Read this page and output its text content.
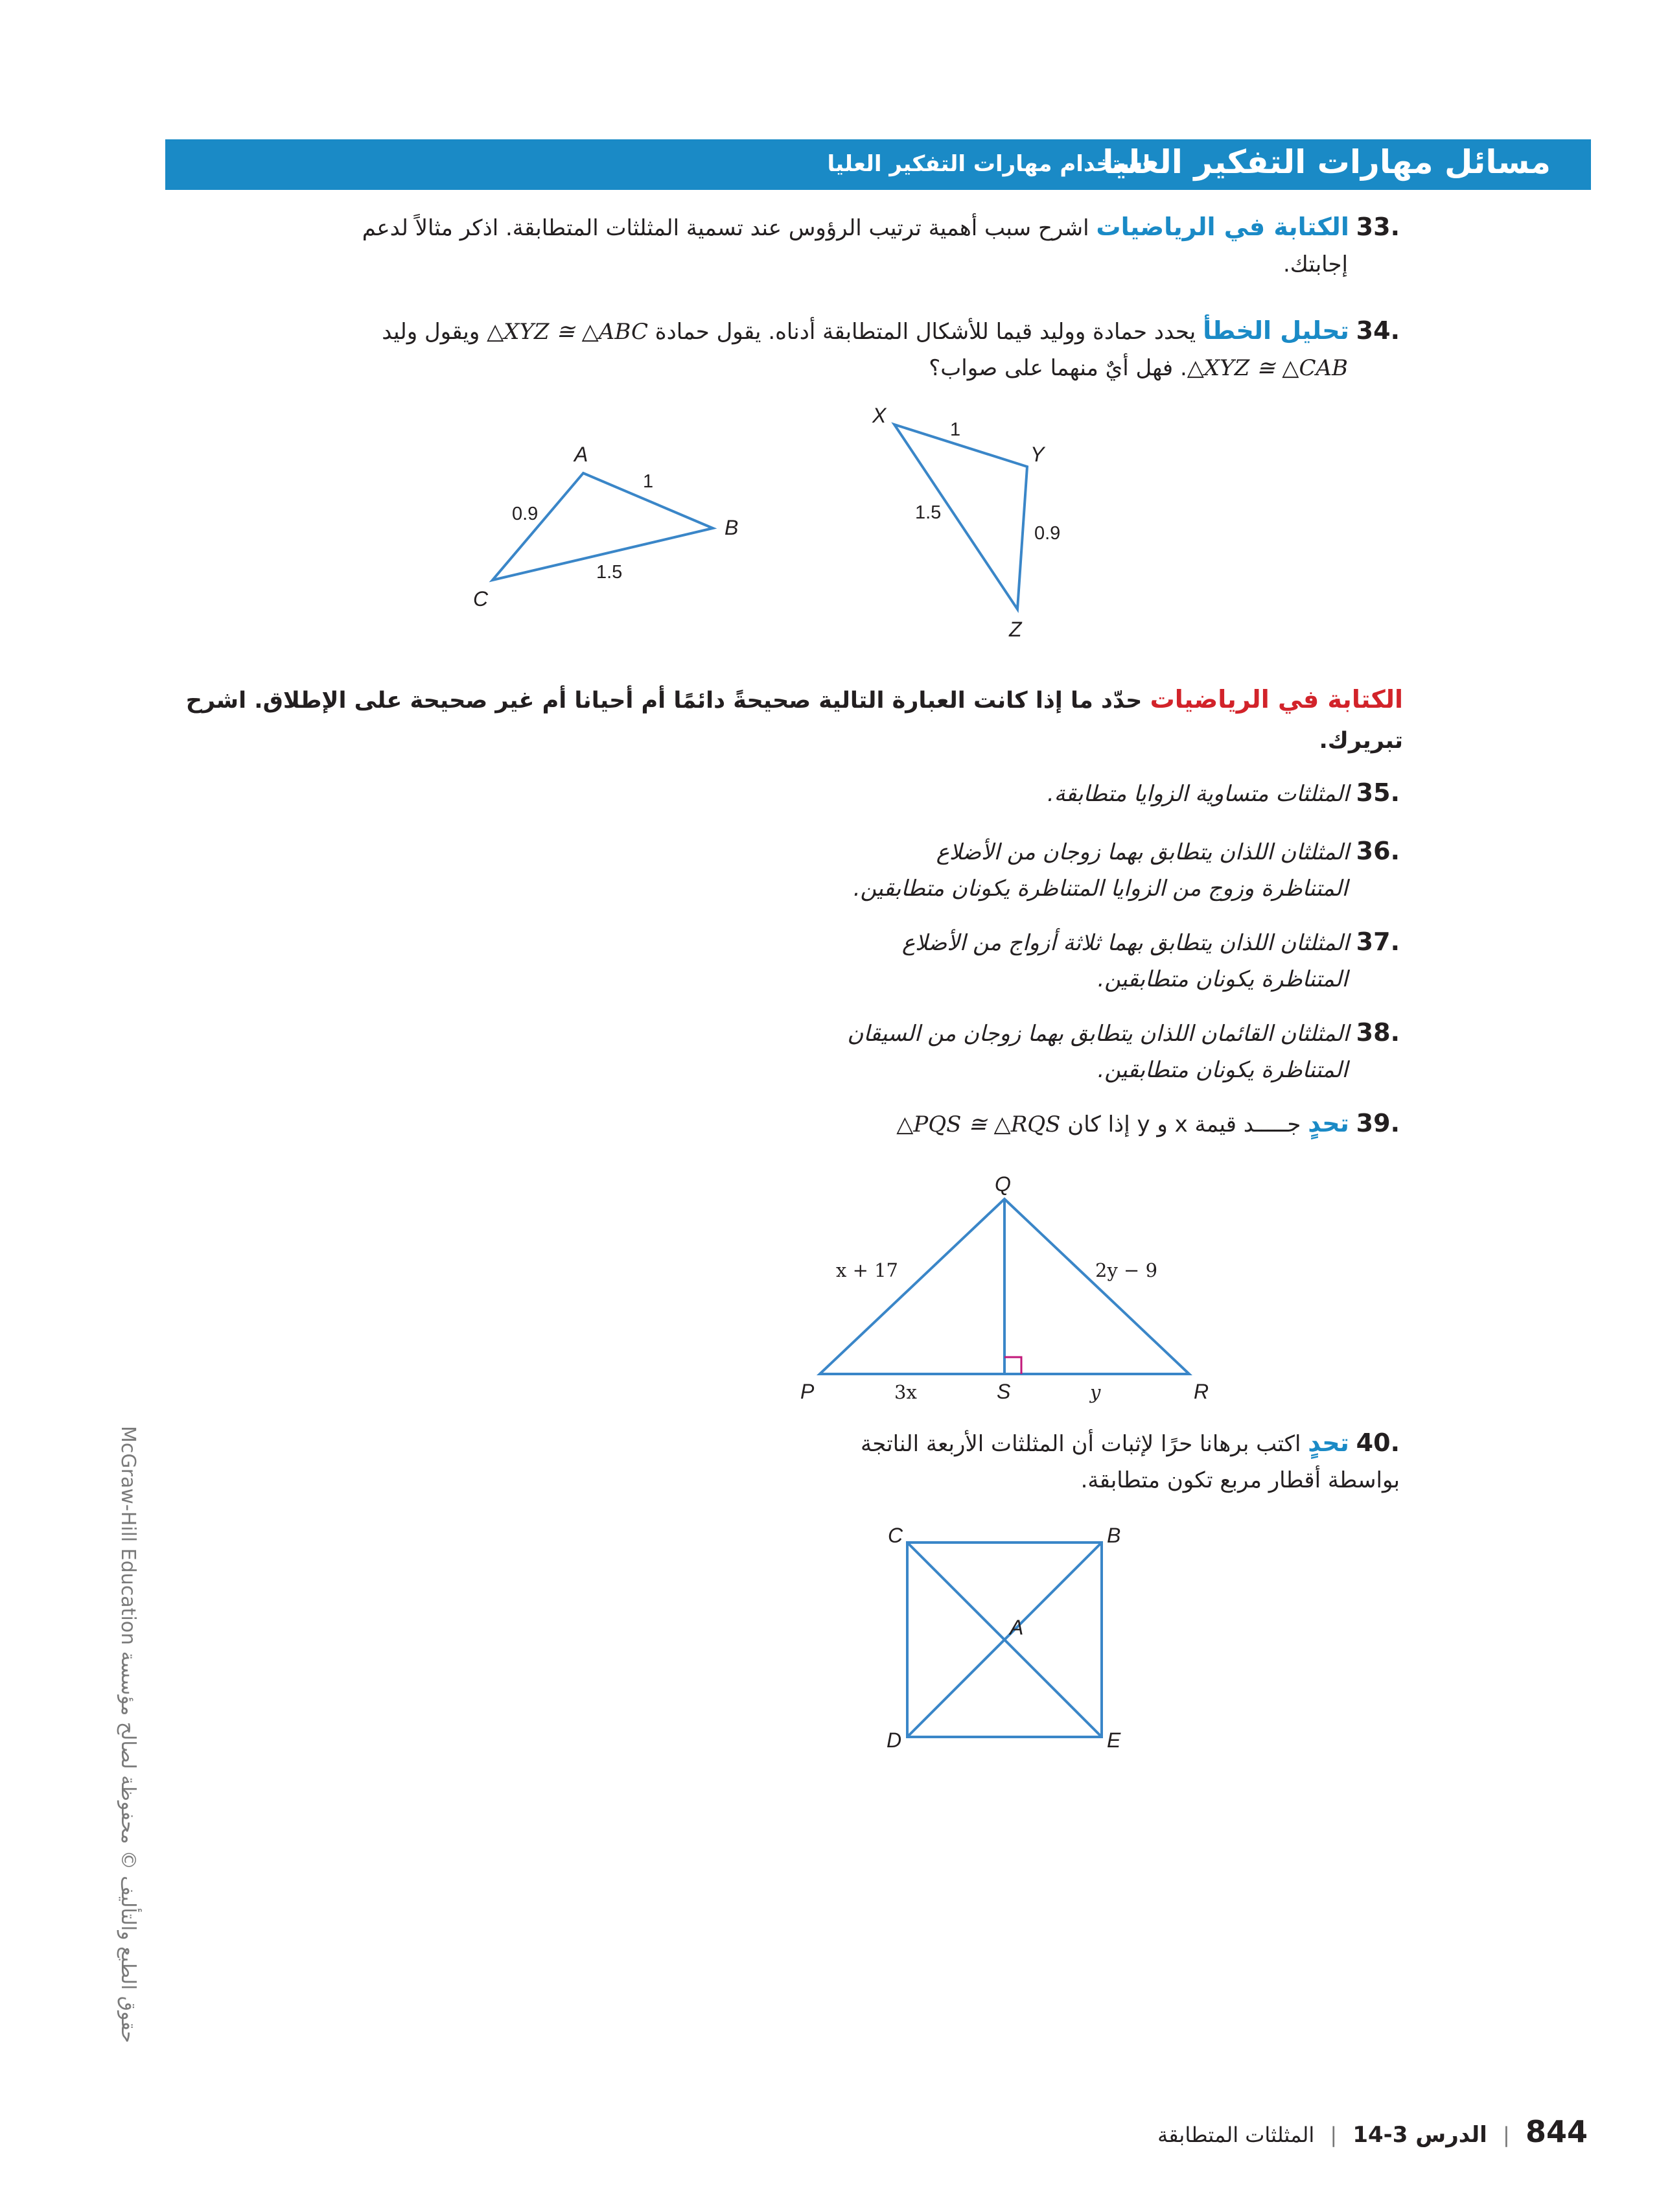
مسائل مهارات التفكير العليا
استخدام مهارات التفكير العليا
.33 الكتابة في الرياضيات اشرح سبب أهمية ترتيب الرؤوس عند تسمية المثلثات المتطابقة. اذكر مثالاً لدعم
إجابتك.
.34 تحليل الخطأ يحدد حمادة ووليد قيما للأشكال المتطابقة أدناه. يقول حمادة △XYZ ≅ △ABC ويقول وليد
△XYZ ≅ △CAB. فهل أيٌ منهما على صواب؟
A
B
C
1
0.9
1.5
X
Y
Z
1
1.5
0.9
الكتابة في الرياضيات حدّد ما إذا كانت العبارة التالية صحيحةً دائمًا أم أحيانا أم غير صحيحة على الإطلاق. اشرح
تبريرك.
.35 المثلثات متساوية الزوايا متطابقة.
.36 المثلثان اللذان يتطابق بهما زوجان من الأضلاع
المتناظرة وزوج من الزوايا المتناظرة يكونان متطابقين.
.37 المثلثان اللذان يتطابق بهما ثلاثة أزواج من الأضلاع
المتناظرة يكونان متطابقين.
.38 المثلثان القائمان اللذان يتطابق بهما زوجان من السيقان
المتناظرة يكونان متطابقين.
.39 تحدٍ جـــــد قيمة x و y إذا كان △PQS ≅ △RQS
Q
P	R
S
x + 17	2y − 9
3x	y
.40 تحدٍ اكتب برهانا حرًا لإثبات أن المثلثات الأربعة الناتجة
بواسطة أقطار مربع تكون متطابقة.
C	B
A
D	E
حقوق الطبع والتأليف © محفوظة لصالح مؤسسة McGraw-Hill Education
844 | الدرس 3-14 | المثلثات المتطابقة
